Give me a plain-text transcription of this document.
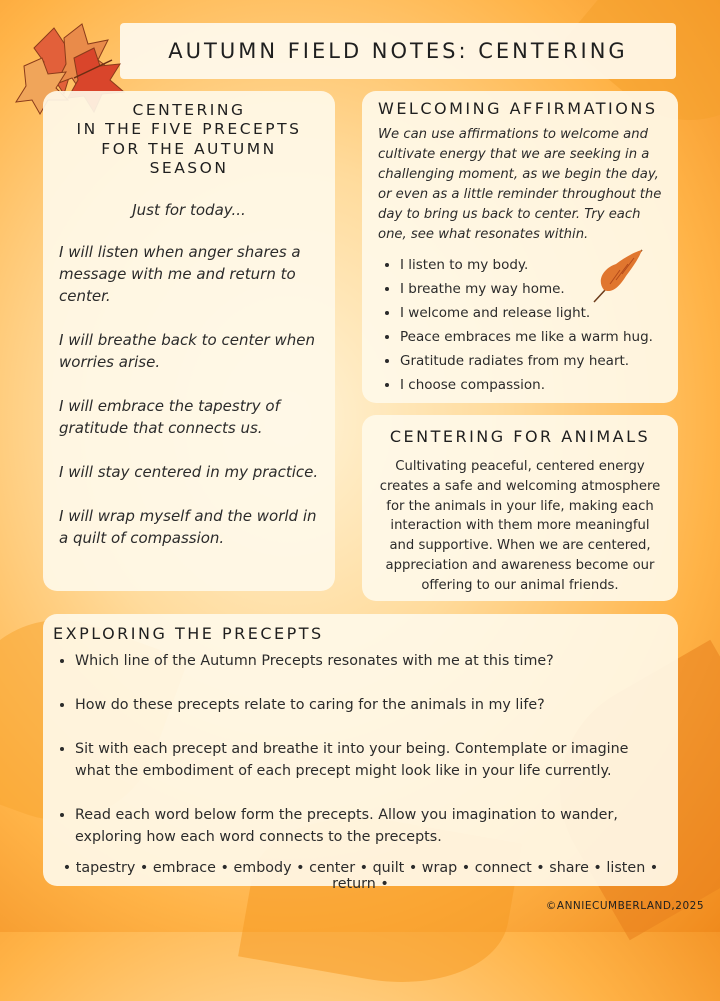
AUTUMN FIELD NOTES: CENTERING
CENTERING
IN THE FIVE PRECEPTS
FOR THE AUTUMN SEASON

Just for today...

I will listen when anger shares a message with me and return to center.

I will breathe back to center when worries arise.

I will embrace the tapestry of gratitude that connects us.

I will stay centered in my practice.

I will wrap myself and the world in a quilt of compassion.

WELCOMING AFFIRMATIONS

We can use affirmations to welcome and cultivate energy that we are seeking in a challenging moment, as we begin the day, or even as a little reminder throughout the day to bring us back to center. Try each one, see what resonates within.

• I listen to my body.
• I breathe my way home.
• I welcome and release light.
• Peace embraces me like a warm hug.
• Gratitude radiates from my heart.
• I choose compassion.
CENTERING FOR ANIMALS

Cultivating peaceful, centered energy creates a safe and welcoming atmosphere for the animals in your life, making each interaction with them more meaningful and supportive. When we are centered, appreciation and awareness become our offering to our animal friends.

EXPLORING THE PRECEPTS
• Which line of the Autumn Precepts resonates with me at this time?
• How do these precepts relate to caring for the animals in my life?
• Sit with each precept and breathe it into your being. Contemplate or imagine what the embodiment of each precept might look like in your life currently.
• Read each word below form the precepts. Allow you imagination to wander, exploring how each word connects to the precepts.
• tapestry • embrace • embody • center • quilt • wrap • connect • share • listen • return •
©ANNIECUMBERLAND,2025
